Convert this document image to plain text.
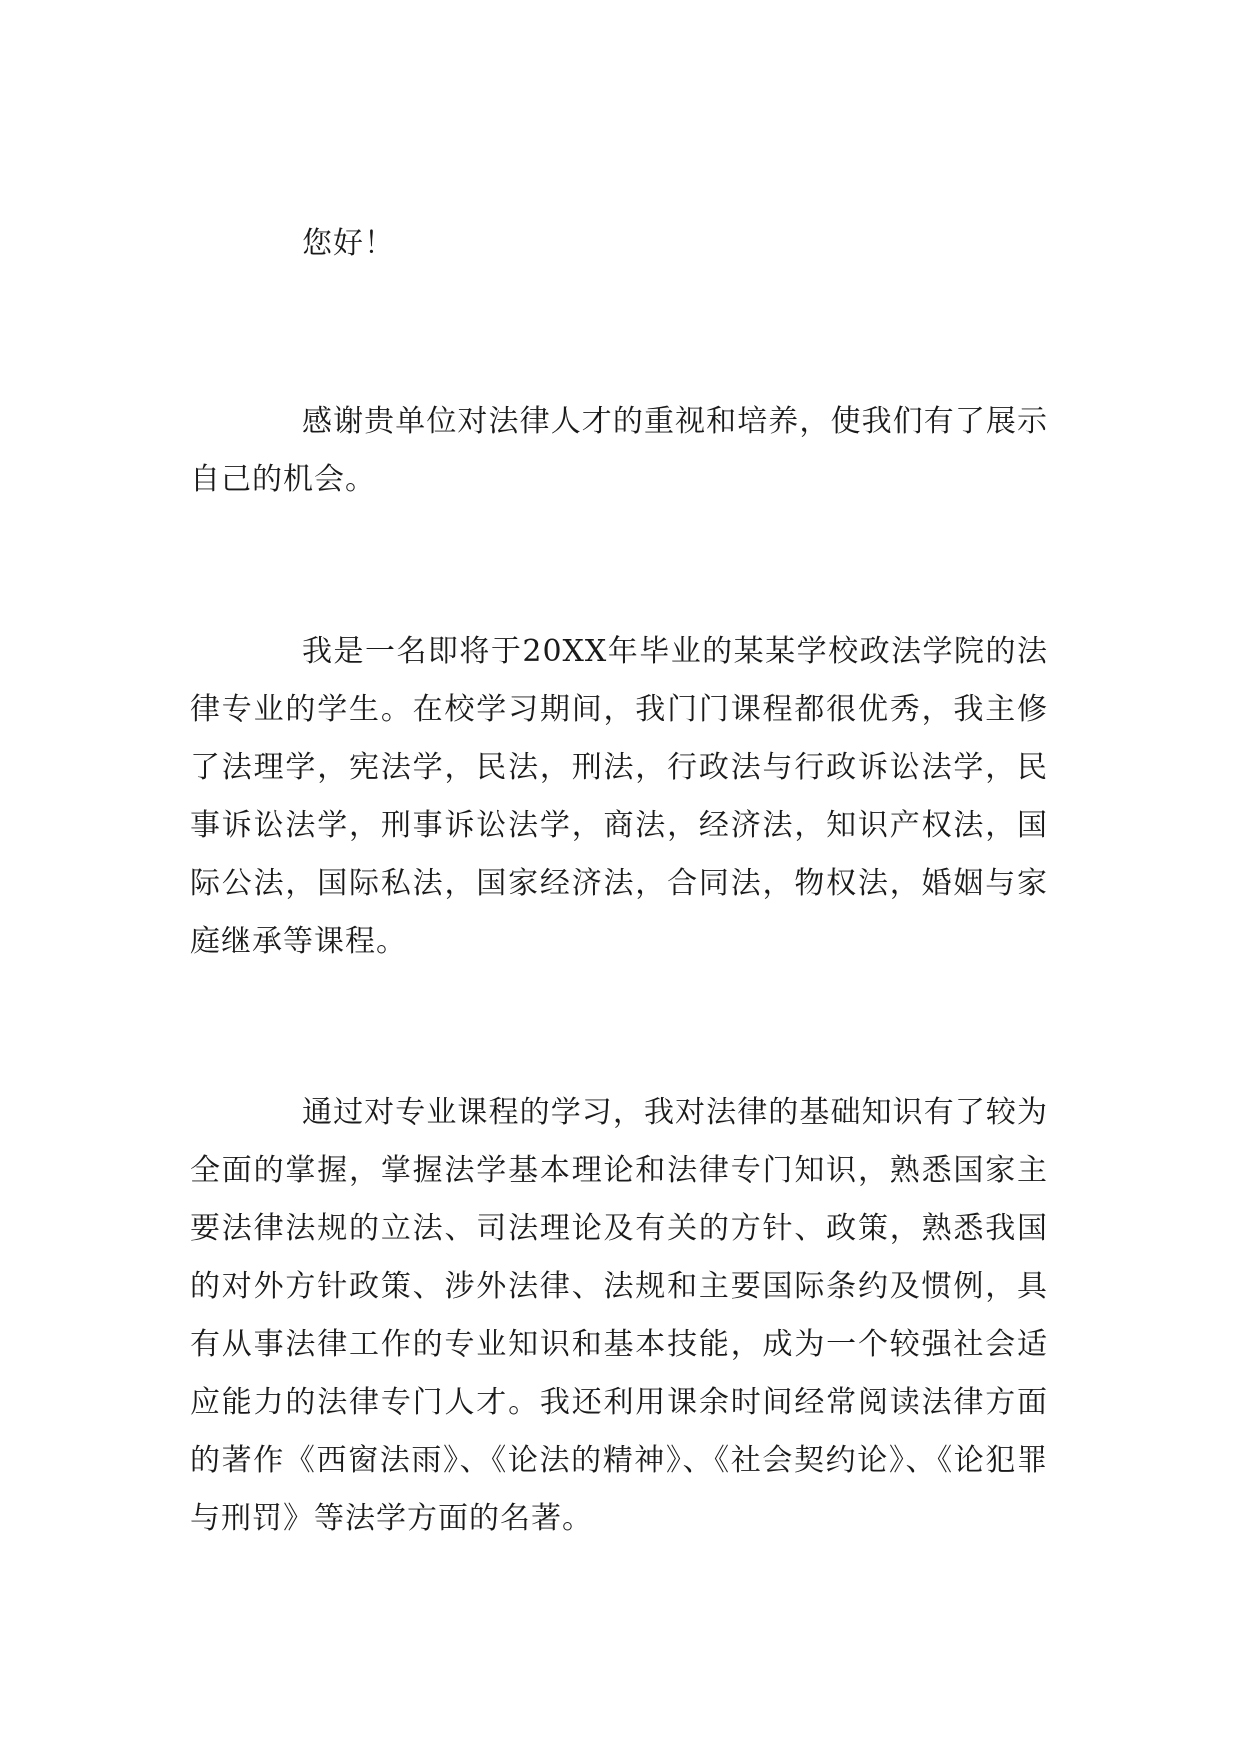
您好！

感谢贵单位对法律人才的重视和培养，使我们有了展示自己的机会。

我是一名即将于20XX年毕业的某某学校政法学院的法律专业的学生。在校学习期间，我门门课程都很优秀，我主修了法理学，宪法学，民法，刑法，行政法与行政诉讼法学，民事诉讼法学，刑事诉讼法学，商法，经济法，知识产权法，国际公法，国际私法，国家经济法，合同法，物权法，婚姻与家庭继承等课程。

通过对专业课程的学习，我对法律的基础知识有了较为全面的掌握，掌握法学基本理论和法律专门知识，熟悉国家主要法律法规的立法、司法理论及有关的方针、政策，熟悉我国的对外方针政策、涉外法律、法规和主要国际条约及惯例，具有从事法律工作的专业知识和基本技能，成为一个较强社会适应能力的法律专门人才。我还利用课余时间经常阅读法律方面的著作《西窗法雨》、《论法的精神》、《社会契约论》、《论犯罪与刑罚》等法学方面的名著。
